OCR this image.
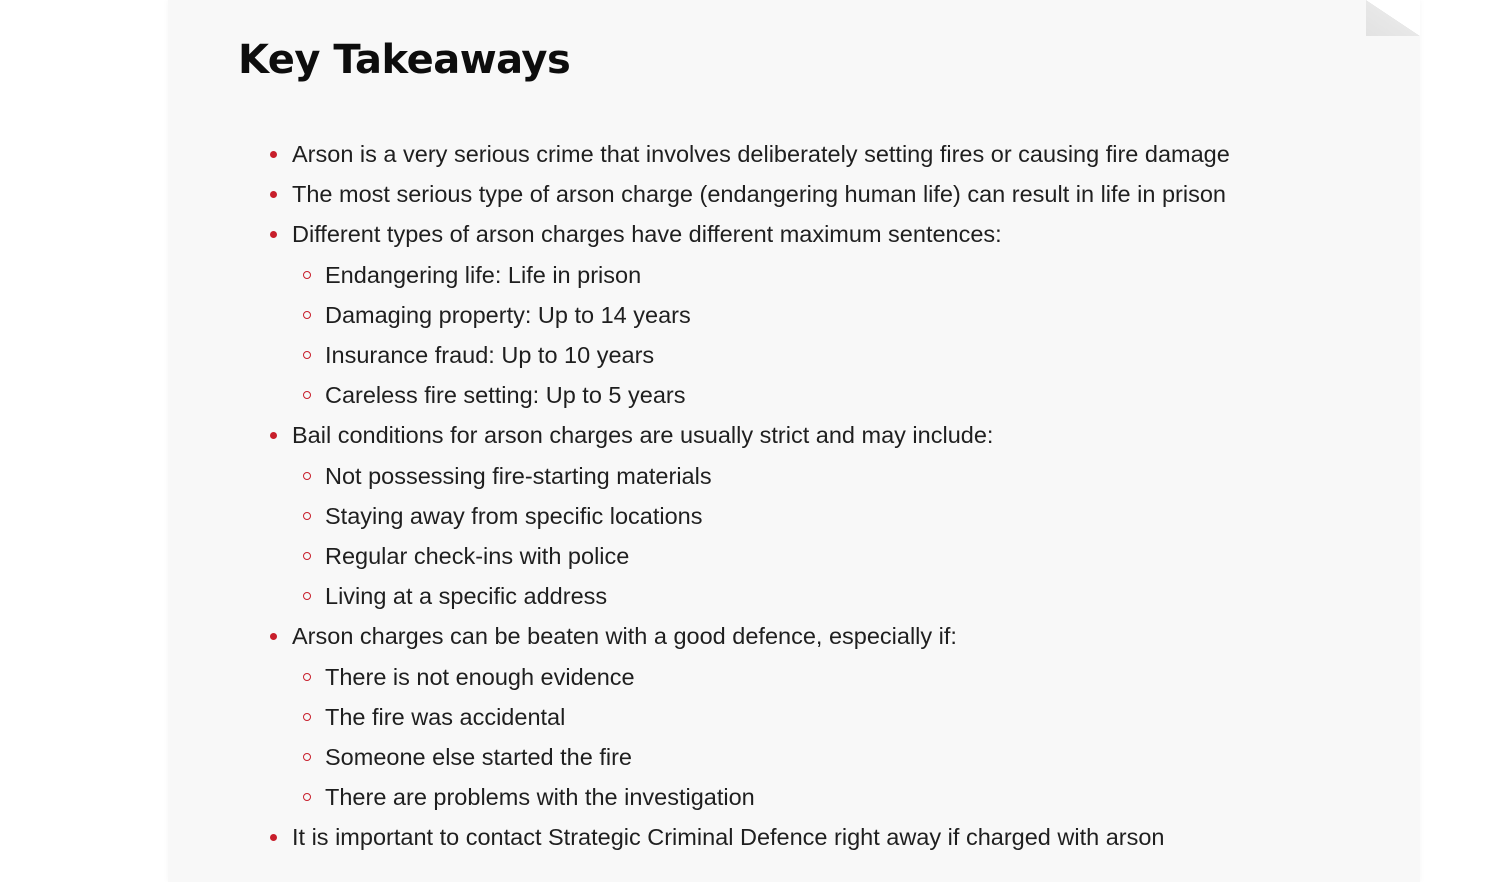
Key Takeaways
Arson is a very serious crime that involves deliberately setting fires or causing fire damage
The most serious type of arson charge (endangering human life) can result in life in prison
Different types of arson charges have different maximum sentences:
Endangering life: Life in prison
Damaging property: Up to 14 years
Insurance fraud: Up to 10 years
Careless fire setting: Up to 5 years
Bail conditions for arson charges are usually strict and may include:
Not possessing fire-starting materials
Staying away from specific locations
Regular check-ins with police
Living at a specific address
Arson charges can be beaten with a good defence, especially if:
There is not enough evidence
The fire was accidental
Someone else started the fire
There are problems with the investigation
It is important to contact Strategic Criminal Defence right away if charged with arson
